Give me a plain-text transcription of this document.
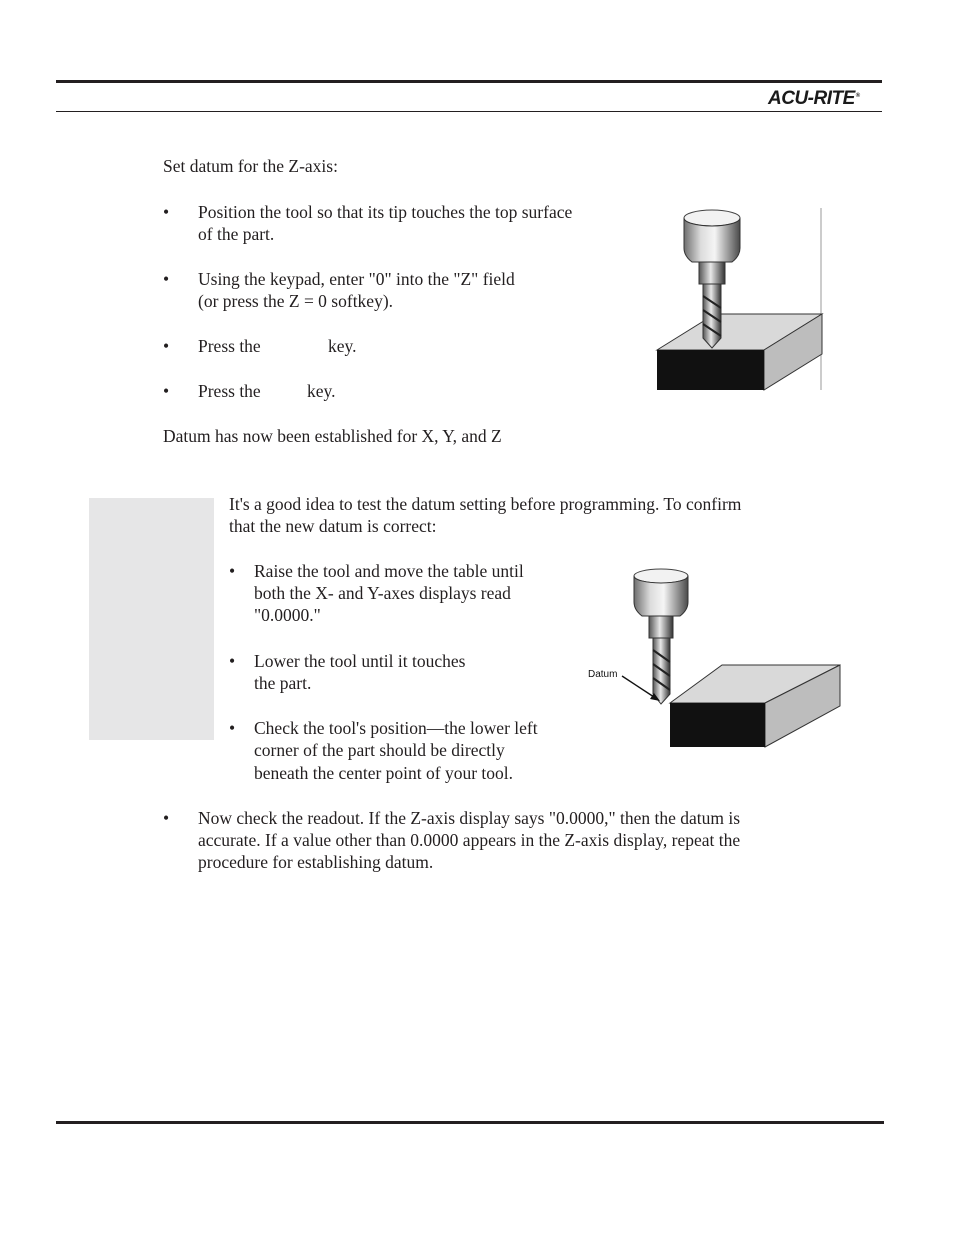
ACU-RITE®
Set datum for the Z-axis:
• Position the tool so that its tip touches the top surface
of the part.
• Using the keypad, enter "0" into the "Z" field
(or press the Z = 0 softkey).
• Press the	key.
• Press the	key.
Datum has now been established for X, Y, and Z
It's a good idea to test the datum setting before programming. To confirm
that the new datum is correct:
• Raise the tool and move the table until
both the X- and Y-axes displays read
"0.0000."
• Lower the tool until it touches
the part.
• Check the tool's position—the lower left
corner of the part should be directly
beneath the center point of your tool.
Datum
• Now check the readout. If the Z-axis display says "0.0000," then the datum is
accurate. If a value other than 0.0000 appears in the Z-axis display, repeat the
procedure for establishing datum.
